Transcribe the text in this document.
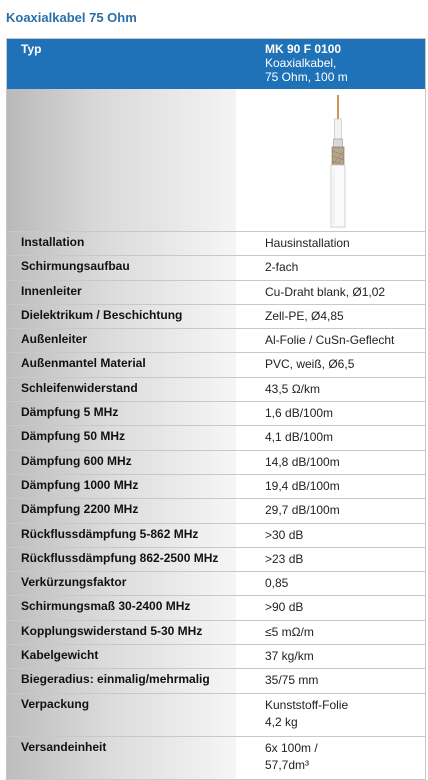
Koaxialkabel 75 Ohm
Typ	MK 90 F 0100
Koaxialkabel,
75 Ohm, 100 m
Installation	Hausinstallation
Schirmungsaufbau	2-fach
Innenleiter	Cu-Draht blank, Ø1,02
Dielektrikum / Beschichtung	Zell-PE, Ø4,85
Außenleiter	Al-Folie / CuSn-Geflecht
Außenmantel Material	PVC, weiß, Ø6,5
Schleifenwiderstand	43,5 Ω/km
Dämpfung 5 MHz	1,6 dB/100m
Dämpfung 50 MHz	4,1 dB/100m
Dämpfung 600 MHz	14,8 dB/100m
Dämpfung 1000 MHz	19,4 dB/100m
Dämpfung 2200 MHz	29,7 dB/100m
Rückflussdämpfung 5-862 MHz	>30 dB
Rückflussdämpfung 862-2500 MHz	>23 dB
Verkürzungsfaktor	0,85
Schirmungsmaß 30-2400 MHz	>90 dB
Kopplungswiderstand 5-30 MHz	≤5 mΩ/m
Kabelgewicht	37 kg/km
Biegeradius: einmalig/mehrmalig	35/75 mm
Verpackung	Kunststoff-Folie
4,2 kg
Versandeinheit	6x 100m /
57,7dm³
